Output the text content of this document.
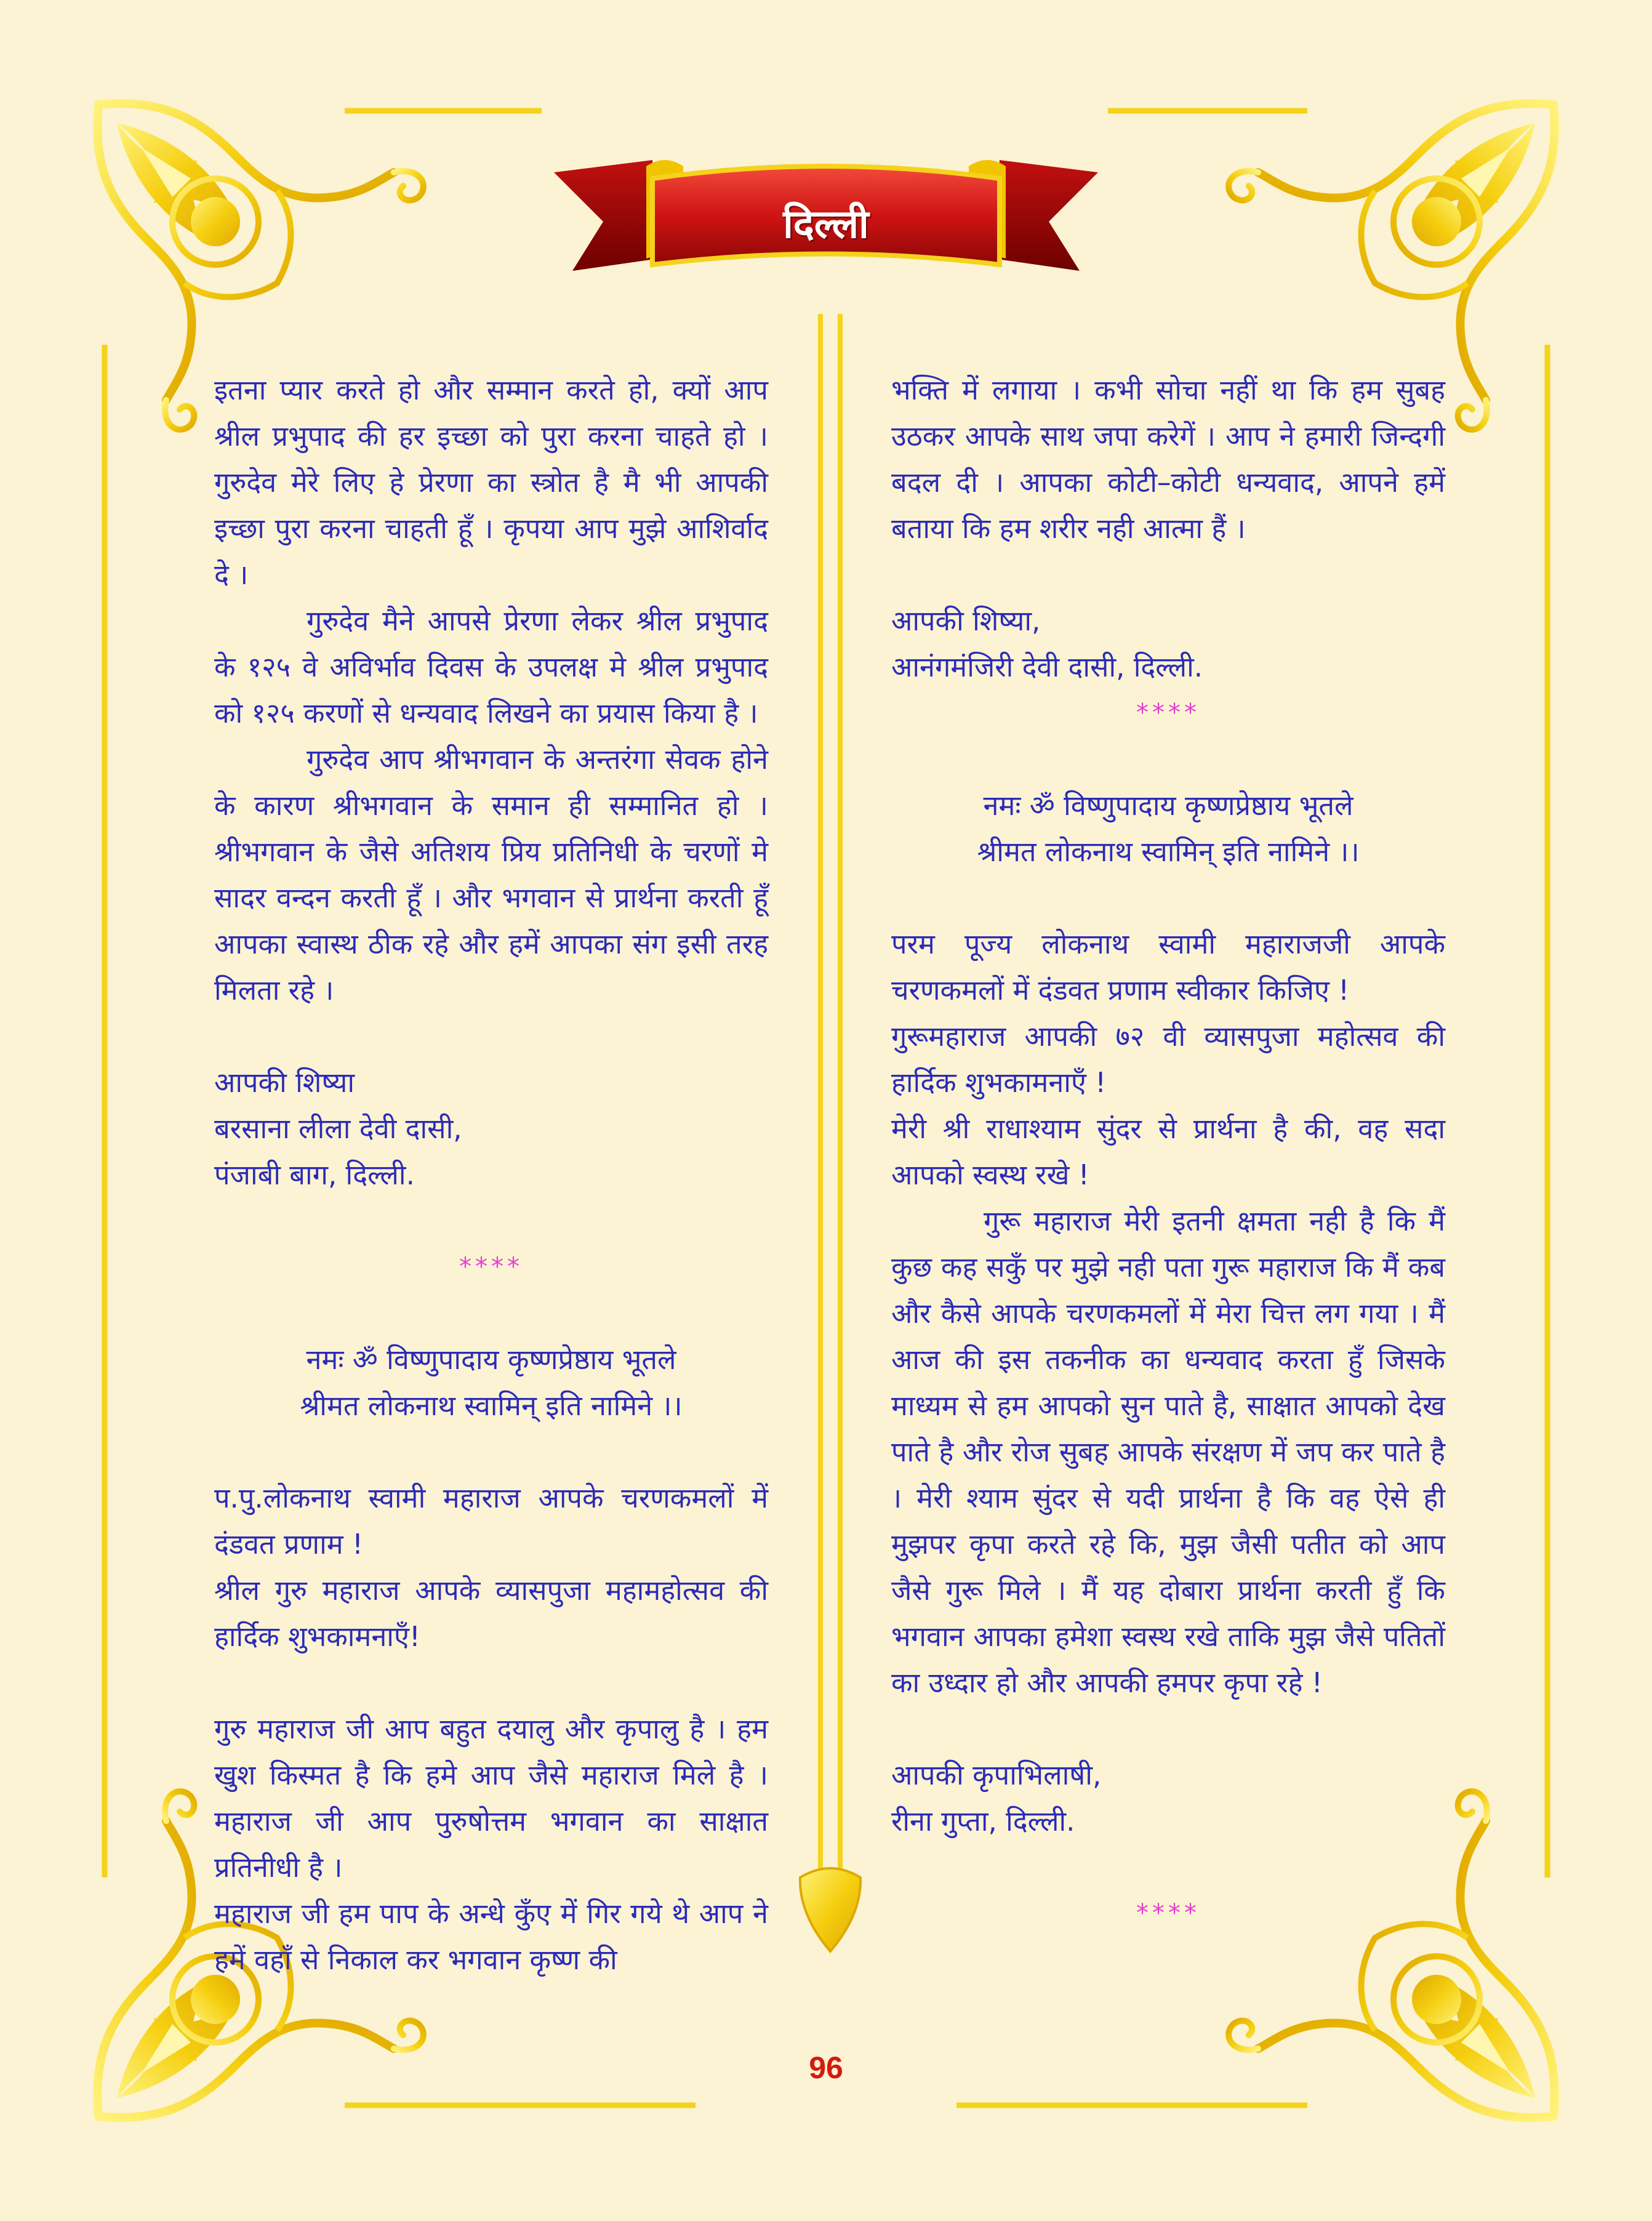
दिल्ली

इतना प्यार करते हो और सम्मान करते हो, क्यों आप श्रील प्रभुपाद की हर इच्छा को पुरा करना चाहते हो । गुरुदेव मेरे लिए हे प्रेरणा का स्त्रोत है मै भी आपकी इच्छा पुरा करना चाहती हूँ । कृपया आप मुझे आशिर्वाद दे ।

गुरुदेव मैने आपसे प्रेरणा लेकर श्रील प्रभुपाद के १२५ वे अविर्भाव दिवस के उपलक्ष मे श्रील प्रभुपाद को १२५ करणों से धन्यवाद लिखने का प्रयास किया है ।

गुरुदेव आप श्रीभगवान के अन्तरंगा सेवक होने के कारण श्रीभगवान के समान ही सम्मानित हो । श्रीभगवान के जैसे अतिशय प्रिय प्रतिनिधी के चरणों मे सादर वन्दन करती हूँ । और भगवान से प्रार्थना करती हूँ आपका स्वास्थ ठीक रहे और हमें आपका संग इसी तरह मिलता रहे ।

आपकी शिष्या

बरसाना लीला देवी दासी,

पंजाबी बाग, दिल्ली.

****

नमः ॐ विष्णुपादाय कृष्णप्रेष्ठाय भूतले

श्रीमत लोकनाथ स्वामिन् इति नामिने ।।

प.पु.लोकनाथ स्वामी महाराज आपके चरणकमलों में दंडवत प्रणाम !

श्रील गुरु महाराज आपके व्यासपुजा महामहोत्सव की हार्दिक शुभकामनाएँ!

गुरु महाराज जी आप बहुत दयालु और कृपालु है । हम खुश किस्मत है कि हमे आप जैसे महाराज मिले है । महाराज जी आप पुरुषोत्तम भगवान का साक्षात प्रतिनीधी है ।

महाराज जी हम पाप के अन्धे कुँए में गिर गये थे आप ने हमें वहाँ से निकाल कर भगवान कृष्ण की

भक्ति में लगाया । कभी सोचा नहीं था कि हम सुबह उठकर आपके साथ जपा करेगें । आप ने हमारी जिन्दगी बदल दी । आपका कोटी–कोटी धन्यवाद, आपने हमें बताया कि हम शरीर नही आत्मा हैं ।

आपकी शिष्या,

आनंगमंजिरी देवी दासी, दिल्ली.

****

नमः ॐ विष्णुपादाय कृष्णप्रेष्ठाय भूतले

श्रीमत लोकनाथ स्वामिन् इति नामिने ।।

परम पूज्य लोकनाथ स्वामी महाराजजी आपके चरणकमलों में दंडवत प्रणाम स्वीकार किजिए !

गुरूमहाराज आपकी ७२ वी व्यासपुजा महोत्सव की हार्दिक शुभकामनाएँ !

मेरी श्री राधाश्याम सुंदर से प्रार्थना है की, वह सदा आपको स्वस्थ रखे !

गुरू महाराज मेरी इतनी क्षमता नही है कि मैं कुछ कह सकुँ पर मुझे नही पता गुरू महाराज कि मैं कब और कैसे आपके चरणकमलों में मेरा चित्त लग गया । मैं आज की इस तकनीक का धन्यवाद करता हुँ जिसके माध्यम से हम आपको सुन पाते है, साक्षात आपको देख पाते है और रोज सुबह आपके संरक्षण में जप कर पाते है । मेरी श्याम सुंदर से यदी प्रार्थना है कि वह ऐसे ही मुझपर कृपा करते रहे कि, मुझ जैसी पतीत को आप जैसे गुरू मिले । मैं यह दोबारा प्रार्थना करती हुँ कि भगवान आपका हमेशा स्वस्थ रखे ताकि मुझ जैसे पतितों का उध्दार हो और आपकी हमपर कृपा रहे !

आपकी कृपाभिलाषी,

रीना गुप्ता, दिल्ली.

****
96
